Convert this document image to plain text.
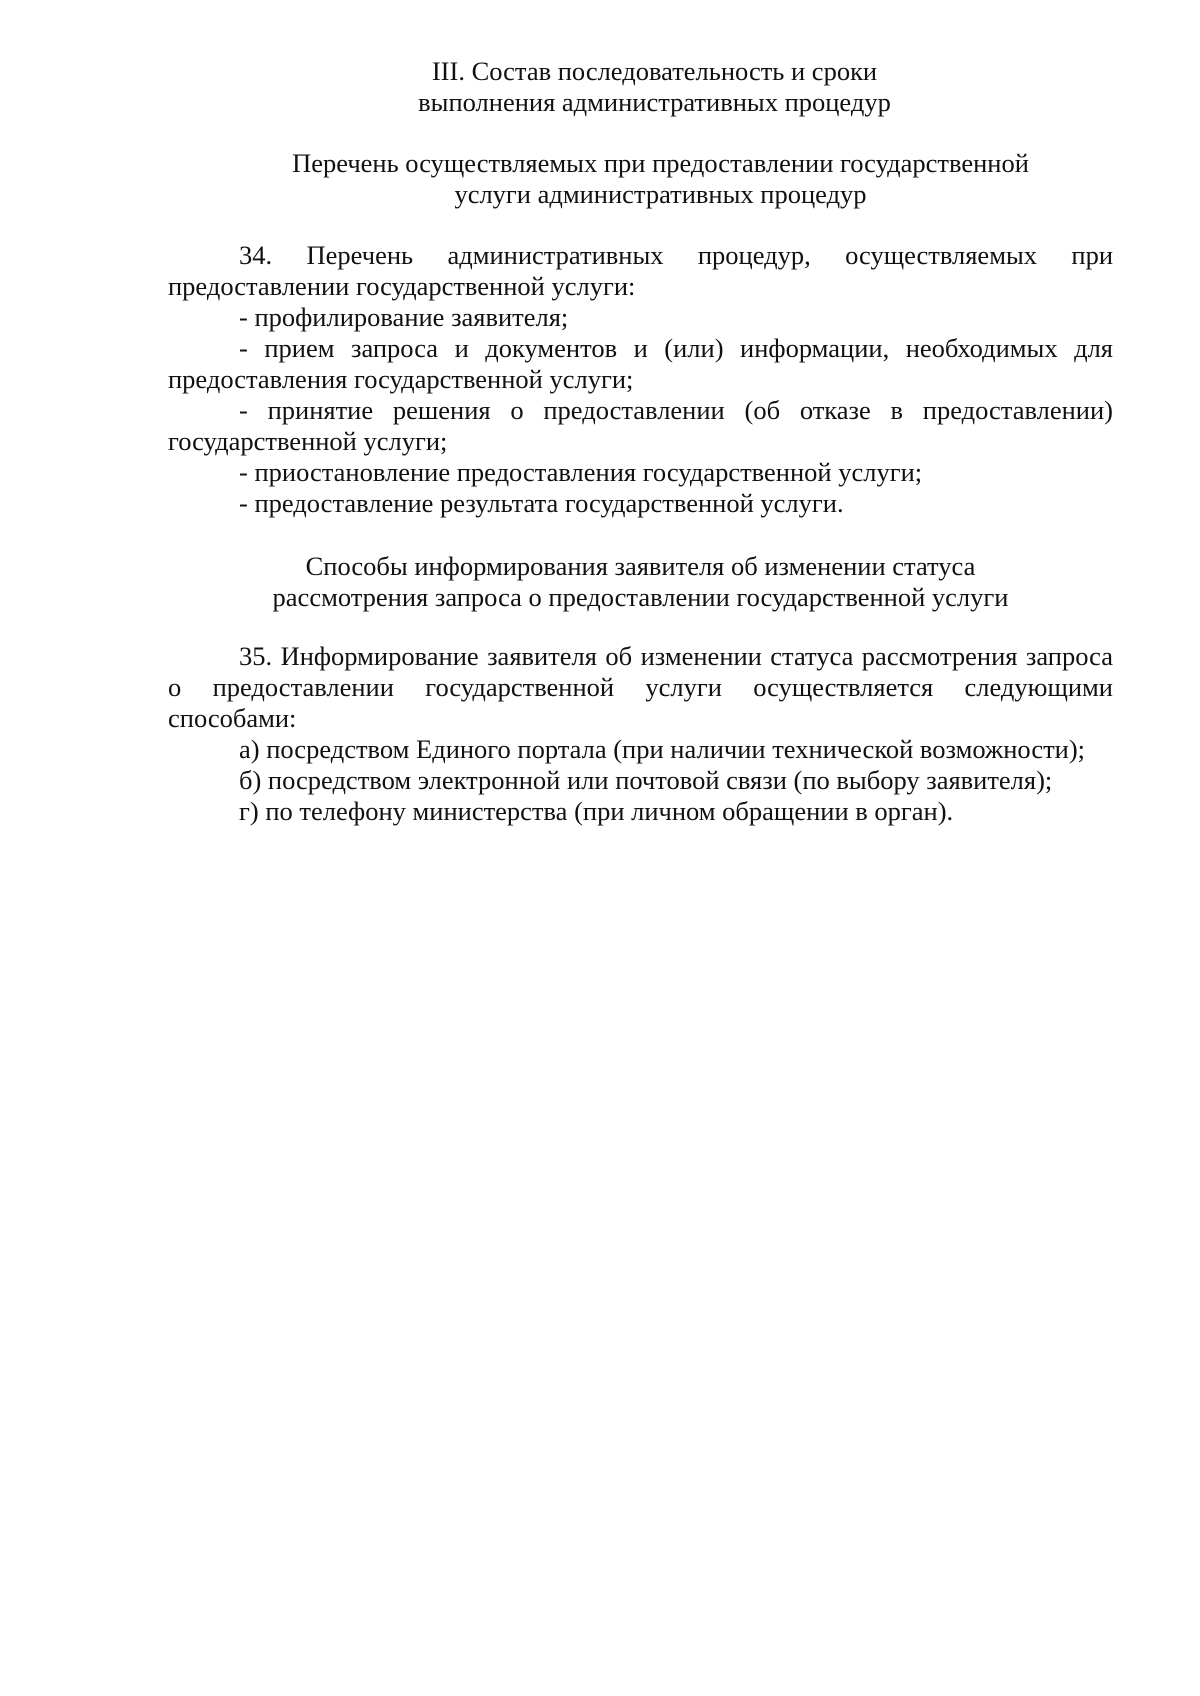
III. Состав последовательность и сроки
выполнения административных процедур
Перечень осуществляемых при предоставлении государственной
услуги административных процедур

34. Перечень административных процедур, осуществляемых при предоставлении государственной услуги:

- профилирование заявителя;

- прием запроса и документов и (или) информации, необходимых для предоставления государственной услуги;

- принятие решения о предоставлении (об отказе в предоставлении) государственной услуги;

- приостановление предоставления государственной услуги;

- предоставление результата государственной услуги.

Способы информирования заявителя об изменении статуса
рассмотрения запроса о предоставлении государственной услуги

35. Информирование заявителя об изменении статуса рассмотрения запроса о предоставлении государственной услуги осуществляется следующими способами:

а) посредством Единого портала (при наличии технической возможности);

б) посредством электронной или почтовой связи (по выбору заявителя);

г) по телефону министерства (при личном обращении в орган).
